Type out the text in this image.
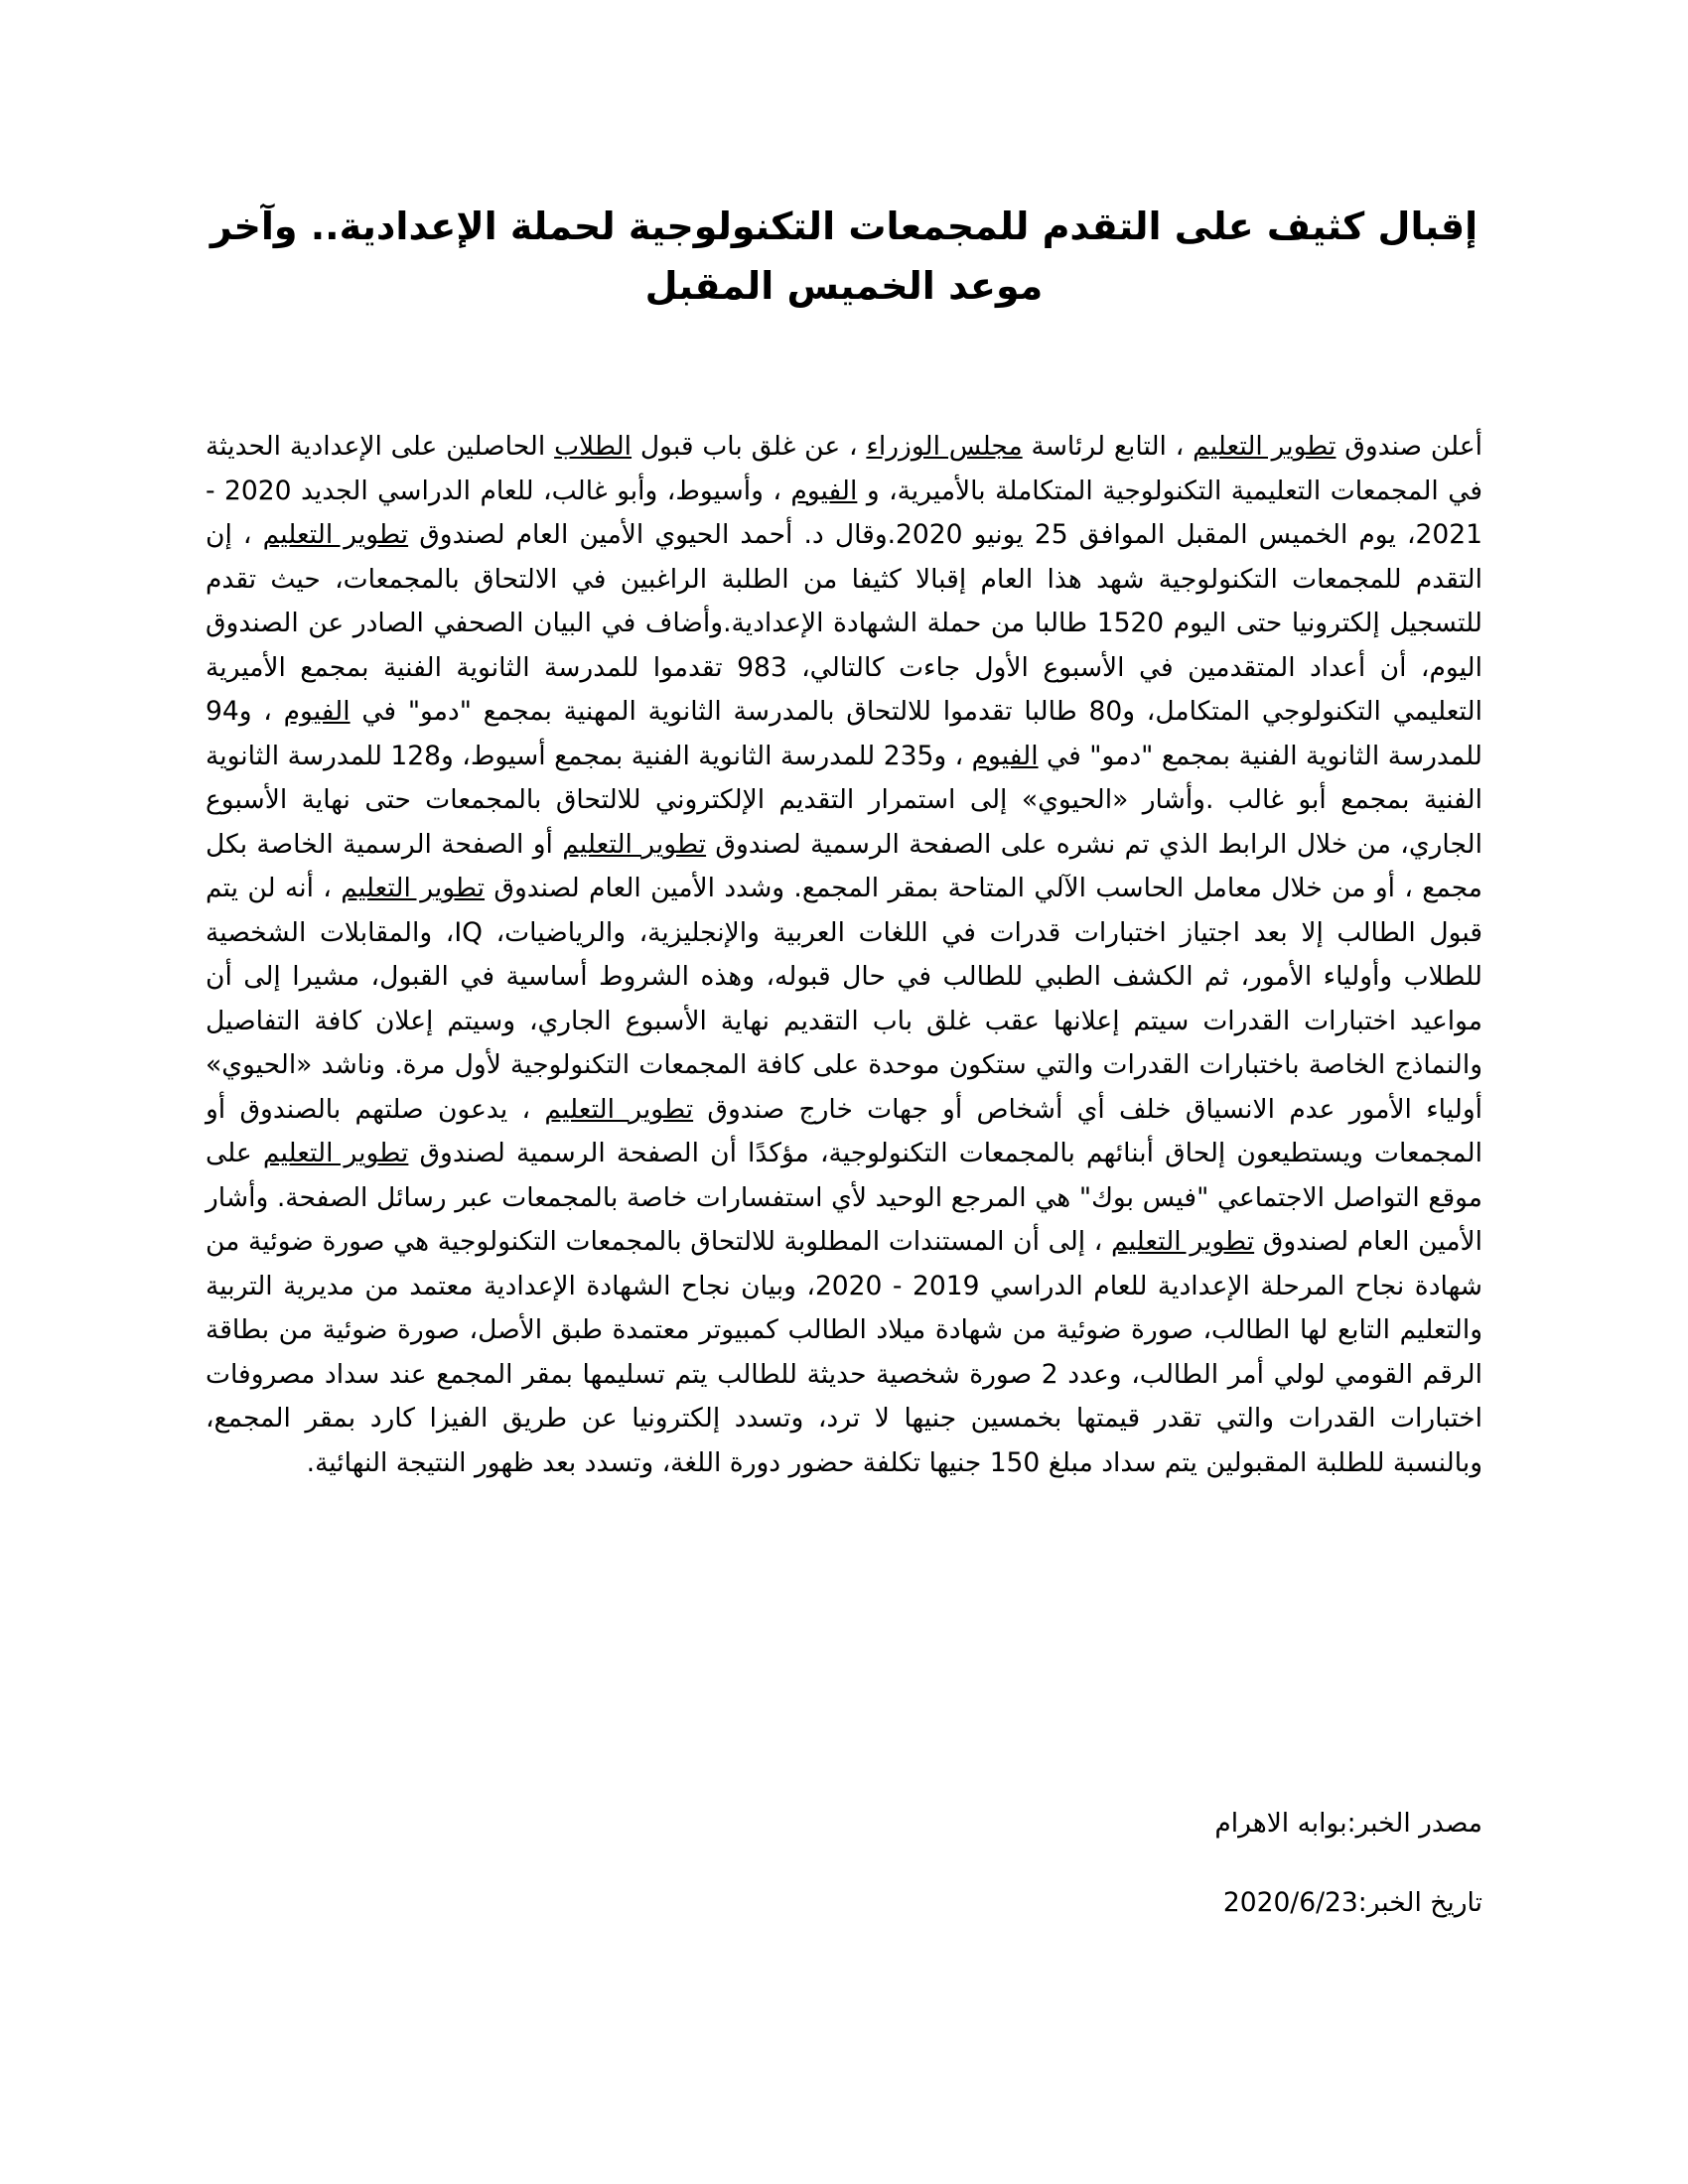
إقبال كثيف على التقدم للمجمعات التكنولوجية لحملة الإعدادية.. وآخر موعد الخميس المقبل

أعلن صندوق تطوير التعليم ، التابع لرئاسة مجلس الوزراء ، عن غلق باب قبول الطلاب الحاصلين على الإعدادية الحديثة في المجمعات التعليمية التكنولوجية المتكاملة بالأميرية، و الفيوم ، وأسيوط، وأبو غالب، للعام الدراسي الجديد 2020 - 2021، يوم الخميس المقبل الموافق 25 يونيو 2020.وقال د. أحمد الحيوي الأمين العام لصندوق تطوير التعليم ، إن التقدم للمجمعات التكنولوجية شهد هذا العام إقبالا كثيفا من الطلبة الراغبين في الالتحاق بالمجمعات، حيث تقدم للتسجيل إلكترونيا حتى اليوم 1520 طالبا من حملة الشهادة الإعدادية.وأضاف في البيان الصحفي الصادر عن الصندوق اليوم، أن أعداد المتقدمين في الأسبوع الأول جاءت كالتالي، 983 تقدموا للمدرسة الثانوية الفنية بمجمع الأميرية التعليمي التكنولوجي المتكامل، و80 طالبا تقدموا للالتحاق بالمدرسة الثانوية المهنية بمجمع "دمو" في الفيوم ، و94 للمدرسة الثانوية الفنية بمجمع "دمو" في الفيوم ، و235 للمدرسة الثانوية الفنية بمجمع أسيوط، و128 للمدرسة الثانوية الفنية بمجمع أبو غالب .وأشار «الحيوي» إلى استمرار التقديم الإلكتروني للالتحاق بالمجمعات حتى نهاية الأسبوع الجاري، من خلال الرابط الذي تم نشره على الصفحة الرسمية لصندوق تطوير التعليم أو الصفحة الرسمية الخاصة بكل مجمع ، أو من خلال معامل الحاسب الآلي المتاحة بمقر المجمع. وشدد الأمين العام لصندوق تطوير التعليم ، أنه لن يتم قبول الطالب إلا بعد اجتياز اختبارات قدرات في اللغات العربية والإنجليزية، والرياضيات، IQ، والمقابلات الشخصية للطلاب وأولياء الأمور، ثم الكشف الطبي للطالب في حال قبوله، وهذه الشروط أساسية في القبول، مشيرا إلى أن مواعيد اختبارات القدرات سيتم إعلانها عقب غلق باب التقديم نهاية الأسبوع الجاري، وسيتم إعلان كافة التفاصيل والنماذج الخاصة باختبارات القدرات والتي ستكون موحدة على كافة المجمعات التكنولوجية لأول مرة. وناشد «الحيوي» أولياء الأمور عدم الانسياق خلف أي أشخاص أو جهات خارج صندوق تطوير التعليم ، يدعون صلتهم بالصندوق أو المجمعات ويستطيعون إلحاق أبنائهم بالمجمعات التكنولوجية، مؤكدًا أن الصفحة الرسمية لصندوق تطوير التعليم على موقع التواصل الاجتماعي "فيس بوك" هي المرجع الوحيد لأي استفسارات خاصة بالمجمعات عبر رسائل الصفحة. وأشار الأمين العام لصندوق تطوير التعليم ، إلى أن المستندات المطلوبة للالتحاق بالمجمعات التكنولوجية هي صورة ضوئية من شهادة نجاح المرحلة الإعدادية للعام الدراسي 2019 - 2020، وبيان نجاح الشهادة الإعدادية معتمد من مديرية التربية والتعليم التابع لها الطالب، صورة ضوئية من شهادة ميلاد الطالب كمبيوتر معتمدة طبق الأصل، صورة ضوئية من بطاقة الرقم القومي لولي أمر الطالب، وعدد 2 صورة شخصية حديثة للطالب يتم تسليمها بمقر المجمع عند سداد مصروفات اختبارات القدرات والتي تقدر قيمتها بخمسين جنيها لا ترد، وتسدد إلكترونيا عن طريق الفيزا كارد بمقر المجمع، وبالنسبة للطلبة المقبولين يتم سداد مبلغ 150 جنيها تكلفة حضور دورة اللغة، وتسدد بعد ظهور النتيجة النهائية.

مصدر الخبر:بوابه الاهرام

تاريخ الخبر:2020/6/23
